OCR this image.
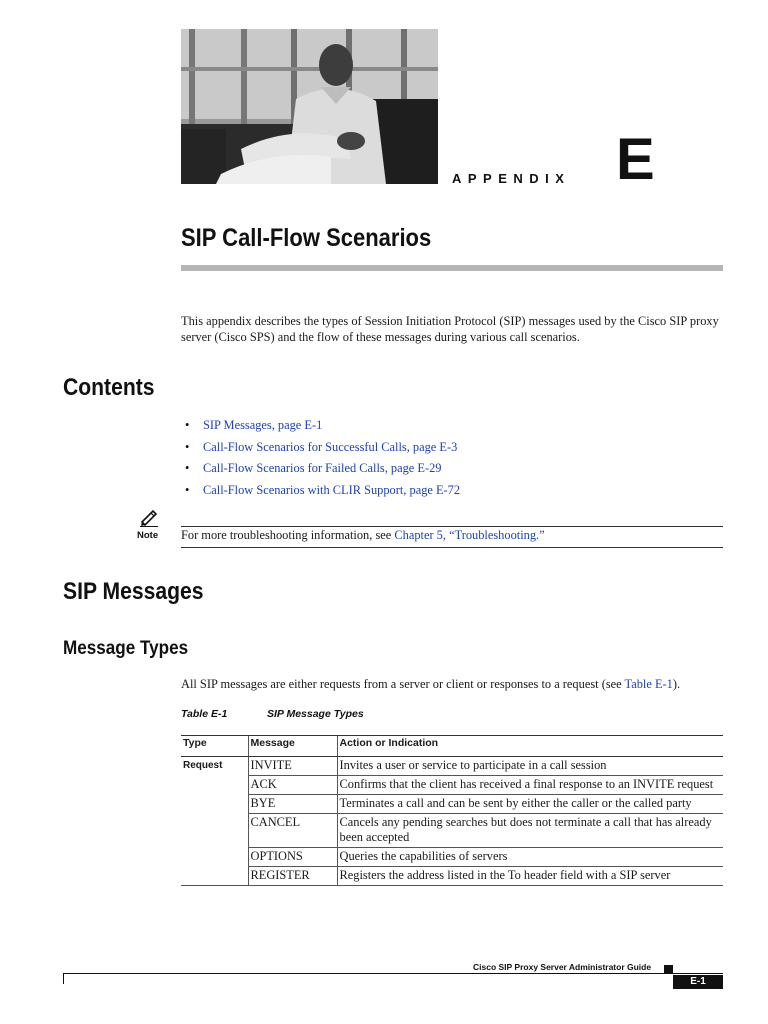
APPENDIX E
SIP Call-Flow Scenarios
This appendix describes the types of Session Initiation Protocol (SIP) messages used by the Cisco SIP proxy server (Cisco SPS) and the flow of these messages during various call scenarios.
Contents
• SIP Messages, page E-1
• Call-Flow Scenarios for Successful Calls, page E-3
• Call-Flow Scenarios for Failed Calls, page E-29
• Call-Flow Scenarios with CLIR Support, page E-72
Note For more troubleshooting information, see Chapter 5, “Troubleshooting.”
SIP Messages
Message Types
All SIP messages are either requests from a server or client or responses to a request (see Table E-1).
Table E-1	SIP Message Types
Type	Message	Action or Indication
Request	INVITE	Invites a user or service to participate in a call session
	ACK	Confirms that the client has received a final response to an INVITE request
	BYE	Terminates a call and can be sent by either the caller or the called party
	CANCEL	Cancels any pending searches but does not terminate a call that has already been accepted
	OPTIONS	Queries the capabilities of servers
	REGISTER	Registers the address listed in the To header field with a SIP server
Cisco SIP Proxy Server Administrator Guide
E-1
